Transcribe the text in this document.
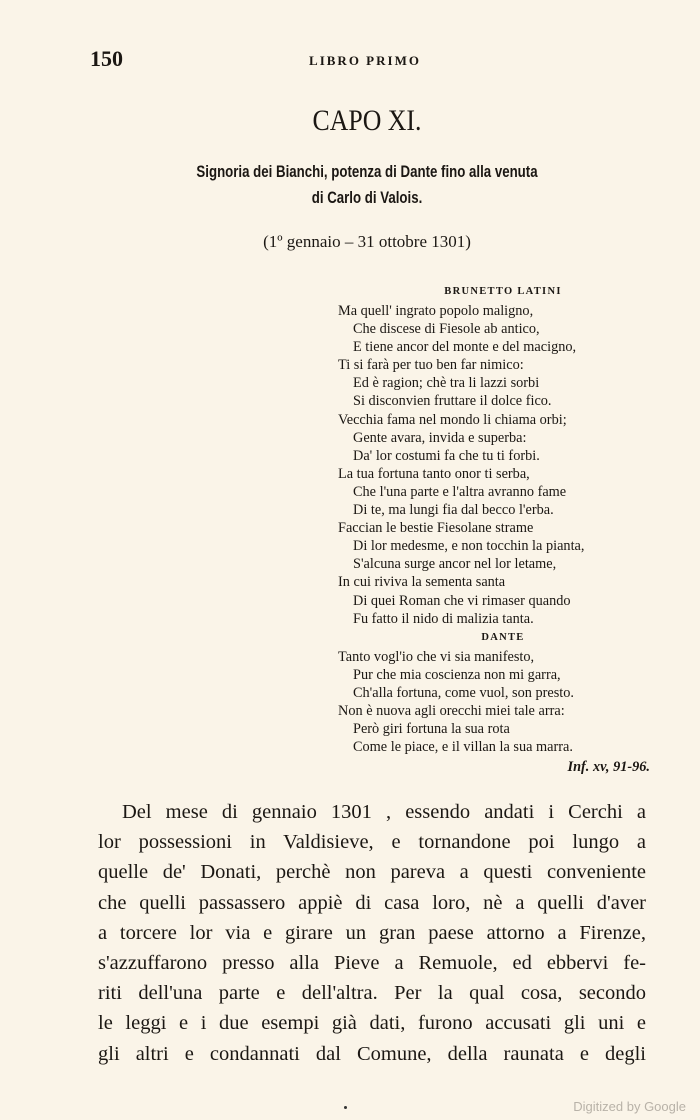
150	LIBRO PRIMO
CAPO XI.
Signoria dei Bianchi, potenza di Dante fino alla venuta
di Carlo di Valois.
(1º gennaio – 31 ottobre 1301)
BRUNETTO LATINI
Ma quell' ingrato popolo maligno,
Che discese di Fiesole ab antico,
E tiene ancor del monte e del macigno,
Ti si farà per tuo ben far nimico:
Ed è ragion; chè tra li lazzi sorbi
Si disconvien fruttare il dolce fico.
Vecchia fama nel mondo li chiama orbi;
Gente avara, invida e superba:
Da' lor costumi fa che tu ti forbi.
La tua fortuna tanto onor ti serba,
Che l'una parte e l'altra avranno fame
Di te, ma lungi fia dal becco l'erba.
Faccian le bestie Fiesolane strame
Di lor medesme, e non tocchin la pianta,
S'alcuna surge ancor nel lor letame,
In cui riviva la sementa santa
Di quei Roman che vi rimaser quando
Fu fatto il nido di malizia tanta.
DANTE
Tanto vogl'io che vi sia manifesto,
Pur che mia coscienza non mi garra,
Ch'alla fortuna, come vuol, son presto.
Non è nuova agli orecchi miei tale arra:
Però giri fortuna la sua rota
Come le piace, e il villan la sua marra.
Inf. xv, 91-96.
Del mese di gennaio 1301 , essendo andati i Cerchi a
lor possessioni in Valdisieve, e tornandone poi lungo a
quelle de' Donati, perchè non pareva a questi conveniente
che quelli passassero appiè di casa loro, nè a quelli d'aver
a torcere lor via e girare un gran paese attorno a Firenze,
s'azzuffarono presso alla Pieve a Remuole, ed ebbervi fe-
riti dell'una parte e dell'altra. Per la qual cosa, secondo
le leggi e i due esempi già dati, furono accusati gli uni e
gli altri e condannati dal Comune, della raunata e degli
Digitized by Google
